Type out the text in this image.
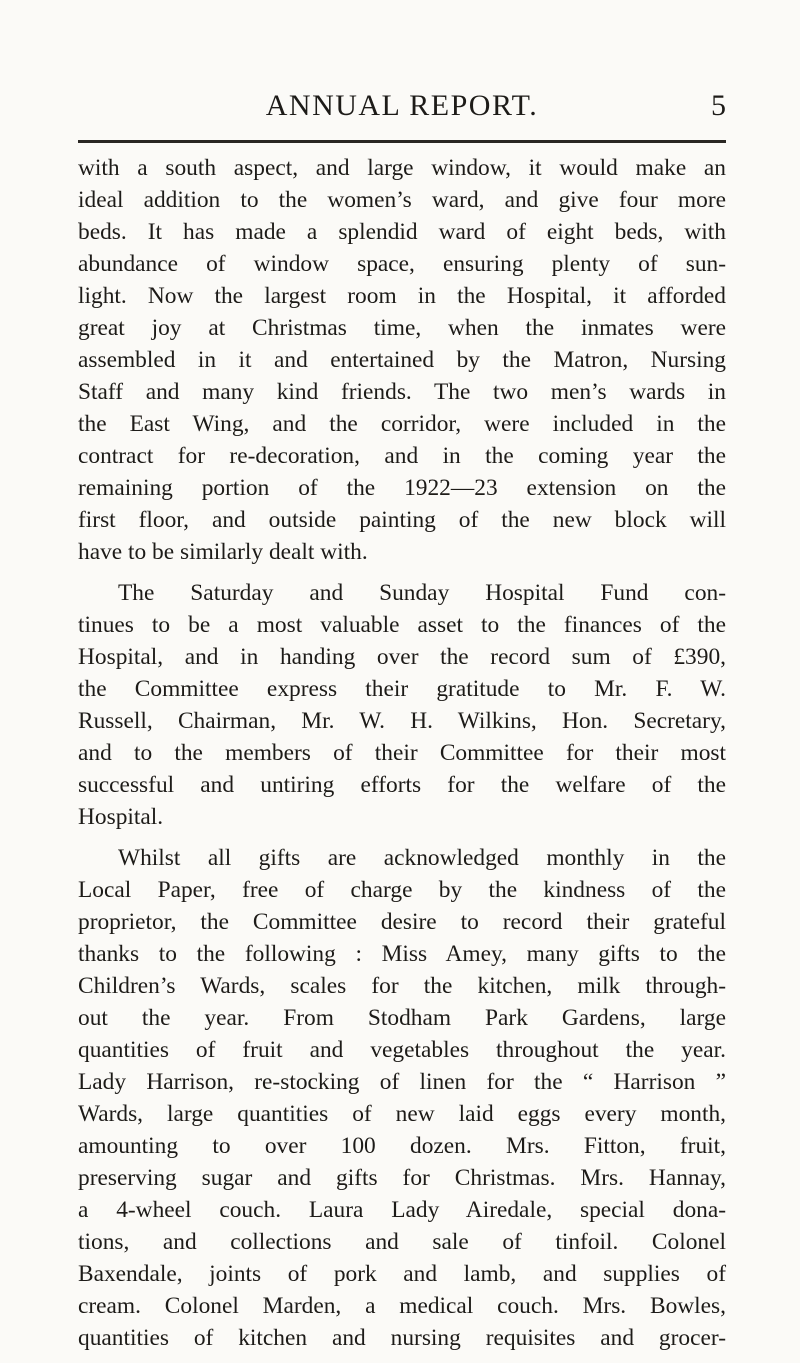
ANNUAL REPORT.	5
with a south aspect, and large window, it would make an
ideal addition to the women’s ward, and give four more
beds. It has made a splendid ward of eight beds, with
abundance of window space, ensuring plenty of sun-
light. Now the largest room in the Hospital, it afforded
great joy at Christmas time, when the inmates were
assembled in it and entertained by the Matron, Nursing
Staff and many kind friends. The two men’s wards in
the East Wing, and the corridor, were included in the
contract for re-decoration, and in the coming year the
remaining portion of the 1922—23 extension on the
first floor, and outside painting of the new block will
have to be similarly dealt with.
The Saturday and Sunday Hospital Fund con-
tinues to be a most valuable asset to the finances of the
Hospital, and in handing over the record sum of £390,
the Committee express their gratitude to Mr. F. W.
Russell, Chairman, Mr. W. H. Wilkins, Hon. Secretary,
and to the members of their Committee for their most
successful and untiring efforts for the welfare of the
Hospital.
Whilst all gifts are acknowledged monthly in the
Local Paper, free of charge by the kindness of the
proprietor, the Committee desire to record their grateful
thanks to the following : Miss Amey, many gifts to the
Children’s Wards, scales for the kitchen, milk through-
out the year. From Stodham Park Gardens, large
quantities of fruit and vegetables throughout the year.
Lady Harrison, re-stocking of linen for the “ Harrison ”
Wards, large quantities of new laid eggs every month,
amounting to over 100 dozen. Mrs. Fitton, fruit,
preserving sugar and gifts for Christmas. Mrs. Hannay,
a 4-wheel couch. Laura Lady Airedale, special dona-
tions, and collections and sale of tinfoil. Colonel
Baxendale, joints of pork and lamb, and supplies of
cream. Colonel Marden, a medical couch. Mrs. Bowles,
quantities of kitchen and nursing requisites and grocer-
